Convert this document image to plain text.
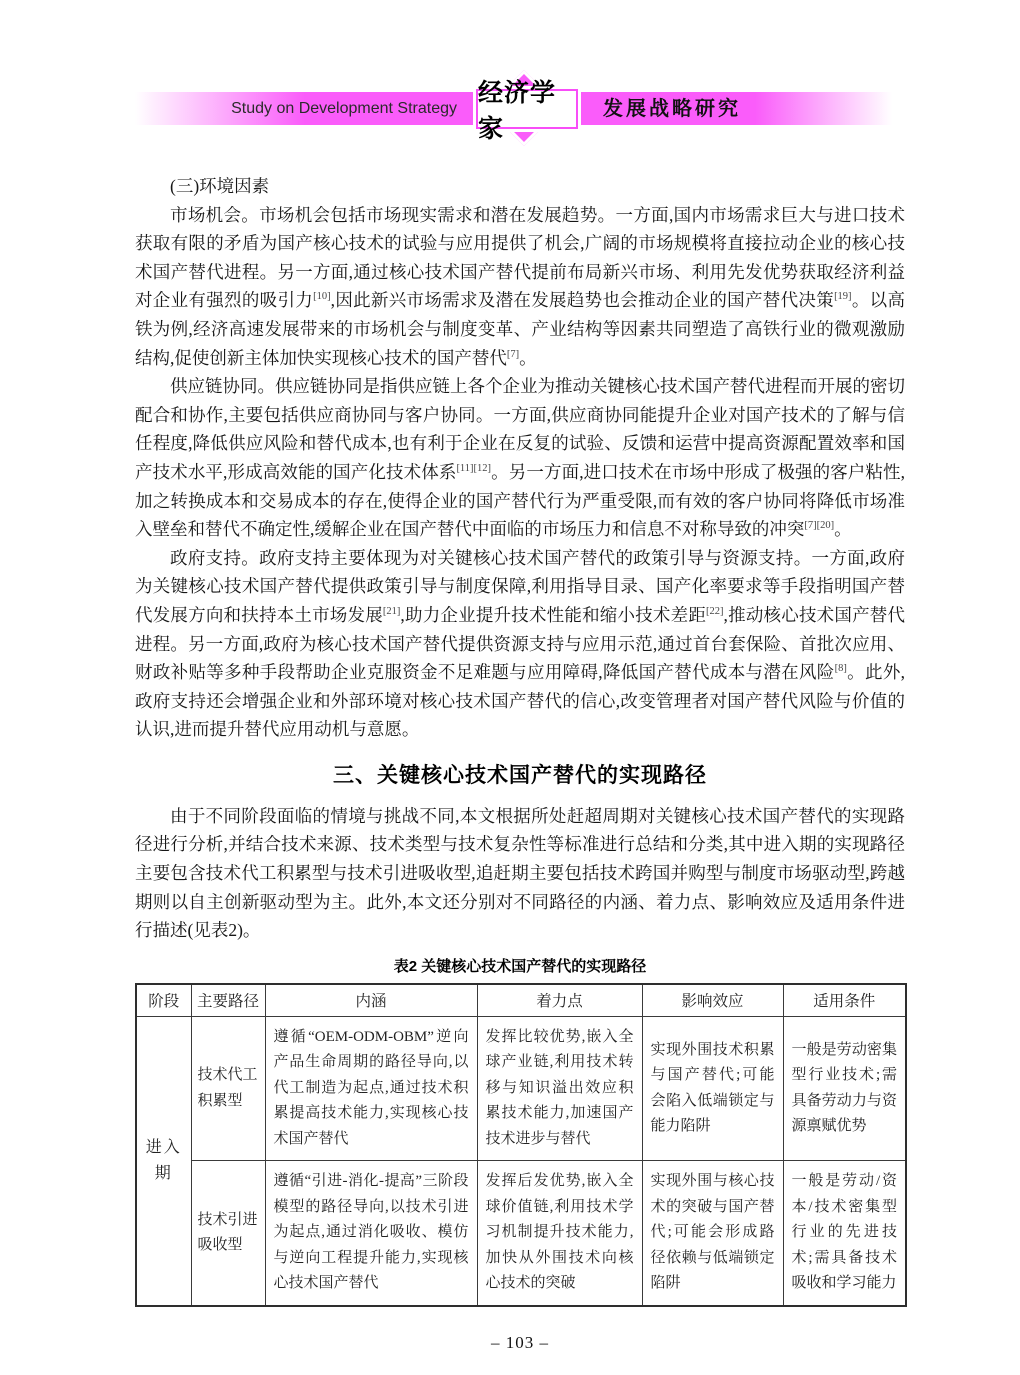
Study on Development Strategy
经济学家
发展战略研究

(三)环境因素

市场机会。市场机会包括市场现实需求和潜在发展趋势。一方面,国内市场需求巨大与进口技术获取有限的矛盾为国产核心技术的试验与应用提供了机会,广阔的市场规模将直接拉动企业的核心技术国产替代进程。另一方面,通过核心技术国产替代提前布局新兴市场、利用先发优势获取经济利益对企业有强烈的吸引力[10],因此新兴市场需求及潜在发展趋势也会推动企业的国产替代决策[19]。以高铁为例,经济高速发展带来的市场机会与制度变革、产业结构等因素共同塑造了高铁行业的微观激励结构,促使创新主体加快实现核心技术的国产替代[7]。

供应链协同。供应链协同是指供应链上各个企业为推动关键核心技术国产替代进程而开展的密切配合和协作,主要包括供应商协同与客户协同。一方面,供应商协同能提升企业对国产技术的了解与信任程度,降低供应风险和替代成本,也有利于企业在反复的试验、反馈和运营中提高资源配置效率和国产技术水平,形成高效能的国产化技术体系[11][12]。另一方面,进口技术在市场中形成了极强的客户粘性,加之转换成本和交易成本的存在,使得企业的国产替代行为严重受限,而有效的客户协同将降低市场准入壁垒和替代不确定性,缓解企业在国产替代中面临的市场压力和信息不对称导致的冲突[7][20]。

政府支持。政府支持主要体现为对关键核心技术国产替代的政策引导与资源支持。一方面,政府为关键核心技术国产替代提供政策引导与制度保障,利用指导目录、国产化率要求等手段指明国产替代发展方向和扶持本土市场发展[21],助力企业提升技术性能和缩小技术差距[22],推动核心技术国产替代进程。另一方面,政府为核心技术国产替代提供资源支持与应用示范,通过首台套保险、首批次应用、财政补贴等多种手段帮助企业克服资金不足难题与应用障碍,降低国产替代成本与潜在风险[8]。此外,政府支持还会增强企业和外部环境对核心技术国产替代的信心,改变管理者对国产替代风险与价值的认识,进而提升替代应用动机与意愿。

三、关键核心技术国产替代的实现路径

由于不同阶段面临的情境与挑战不同,本文根据所处赶超周期对关键核心技术国产替代的实现路径进行分析,并结合技术来源、技术类型与技术复杂性等标准进行总结和分类,其中进入期的实现路径主要包含技术代工积累型与技术引进吸收型,追赶期主要包括技术跨国并购型与制度市场驱动型,跨越期则以自主创新驱动型为主。此外,本文还分别对不同路径的内涵、着力点、影响效应及适用条件进行描述(见表2)。

表2 关键核心技术国产替代的实现路径
阶段	主要路径	内涵	着力点	影响效应	适用条件
进入期	技术代工积累型	遵循“OEM-ODM-OBM”逆向产品生命周期的路径导向,以代工制造为起点,通过技术积累提高技术能力,实现核心技术国产替代	发挥比较优势,嵌入全球产业链,利用技术转移与知识溢出效应积累技术能力,加速国产技术进步与替代	实现外围技术积累与国产替代;可能会陷入低端锁定与能力陷阱	一般是劳动密集型行业技术;需具备劳动力与资源禀赋优势
	技术引进吸收型	遵循“引进-消化-提高”三阶段模型的路径导向,以技术引进为起点,通过消化吸收、模仿与逆向工程提升能力,实现核心技术国产替代	发挥后发优势,嵌入全球价值链,利用技术学习机制提升技术能力,加快从外围技术向核心技术的突破	实现外围与核心技术的突破与国产替代;可能会形成路径依赖与低端锁定陷阱	一般是劳动/资本/技术密集型行业的先进技术;需具备技术吸收和学习能力
– 103 –
